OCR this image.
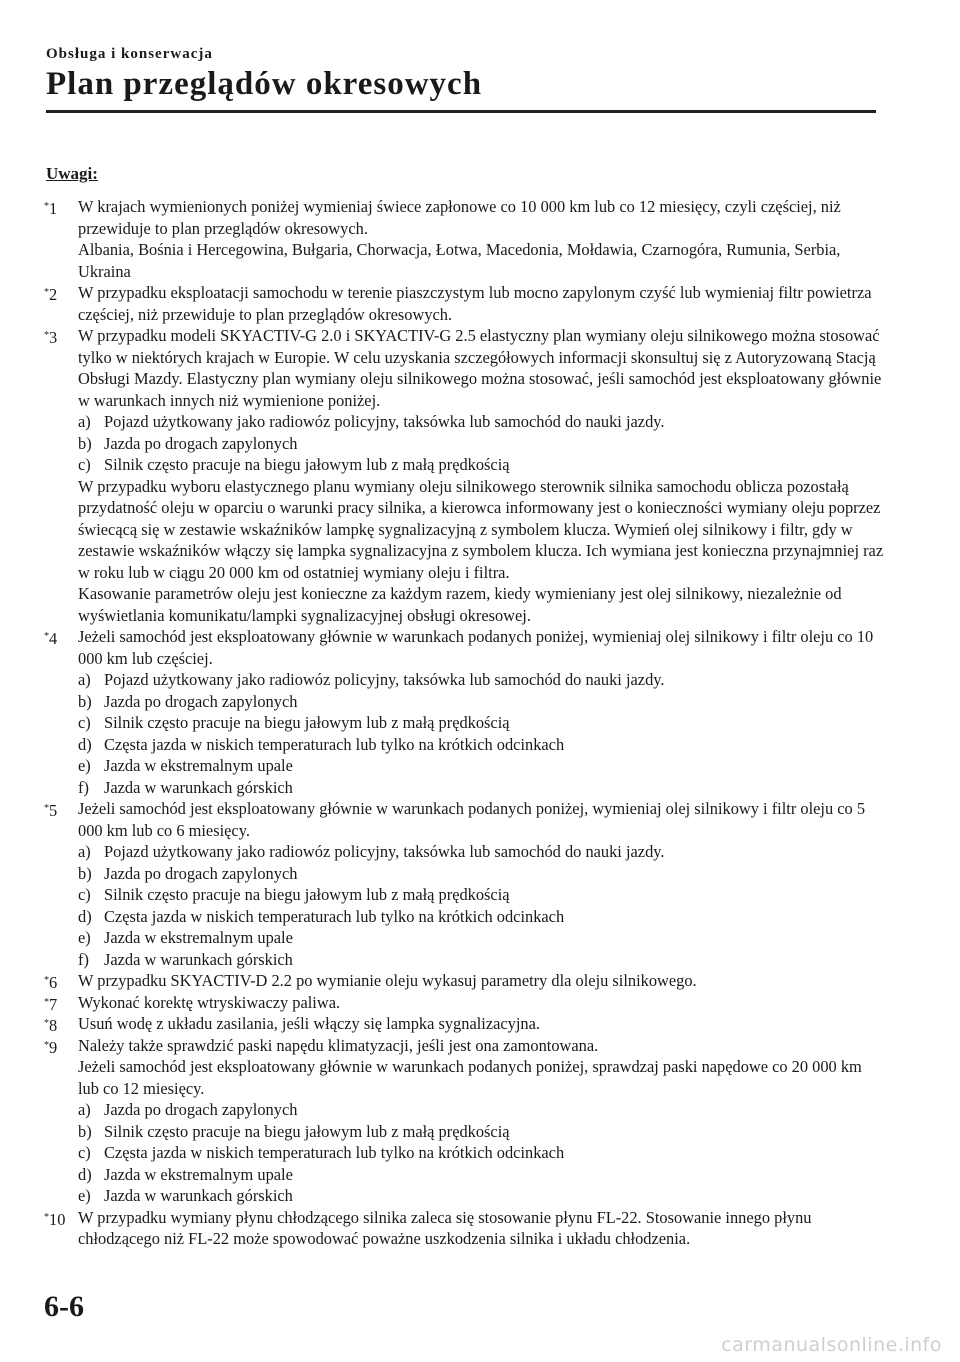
Obsługa i konserwacja
Plan przeglądów okresowych
Uwagi:
*1 W krajach wymienionych poniżej wymieniaj świece zapłonowe co 10 000 km lub co 12 miesięcy, czyli częściej, niż przewiduje to plan przeglądów okresowych.
Albania, Bośnia i Hercegowina, Bułgaria, Chorwacja, Łotwa, Macedonia, Mołdawia, Czarnogóra, Rumunia, Serbia, Ukraina
*2 W przypadku eksploatacji samochodu w terenie piaszczystym lub mocno zapylonym czyść lub wymieniaj filtr powietrza częściej, niż przewiduje to plan przeglądów okresowych.
*3 W przypadku modeli SKYACTIV-G 2.0 i SKYACTIV-G 2.5 elastyczny plan wymiany oleju silnikowego można stosować tylko w niektórych krajach w Europie. W celu uzyskania szczegółowych informacji skonsultuj się z Autoryzowaną Stacją Obsługi Mazdy. Elastyczny plan wymiany oleju silnikowego można stosować, jeśli samochód jest eksploatowany głównie w warunkach innych niż wymienione poniżej.
a) Pojazd użytkowany jako radiowóz policyjny, taksówka lub samochód do nauki jazdy.
b) Jazda po drogach zapylonych
c) Silnik często pracuje na biegu jałowym lub z małą prędkością
W przypadku wyboru elastycznego planu wymiany oleju silnikowego sterownik silnika samochodu oblicza pozostałą przydatność oleju w oparciu o warunki pracy silnika, a kierowca informowany jest o konieczności wymiany oleju poprzez świecącą się w zestawie wskaźników lampkę sygnalizacyjną z symbolem klucza. Wymień olej silnikowy i filtr, gdy w zestawie wskaźników włączy się lampka sygnalizacyjna z symbolem klucza. Ich wymiana jest konieczna przynajmniej raz w roku lub w ciągu 20 000 km od ostatniej wymiany oleju i filtra.
Kasowanie parametrów oleju jest konieczne za każdym razem, kiedy wymieniany jest olej silnikowy, niezależnie od wyświetlania komunikatu/lampki sygnalizacyjnej obsługi okresowej.
*4 Jeżeli samochód jest eksploatowany głównie w warunkach podanych poniżej, wymieniaj olej silnikowy i filtr oleju co 10 000 km lub częściej.
a) Pojazd użytkowany jako radiowóz policyjny, taksówka lub samochód do nauki jazdy.
b) Jazda po drogach zapylonych
c) Silnik często pracuje na biegu jałowym lub z małą prędkością
d) Częsta jazda w niskich temperaturach lub tylko na krótkich odcinkach
e) Jazda w ekstremalnym upale
f) Jazda w warunkach górskich
*5 Jeżeli samochód jest eksploatowany głównie w warunkach podanych poniżej, wymieniaj olej silnikowy i filtr oleju co 5 000 km lub co 6 miesięcy.
a) Pojazd użytkowany jako radiowóz policyjny, taksówka lub samochód do nauki jazdy.
b) Jazda po drogach zapylonych
c) Silnik często pracuje na biegu jałowym lub z małą prędkością
d) Częsta jazda w niskich temperaturach lub tylko na krótkich odcinkach
e) Jazda w ekstremalnym upale
f) Jazda w warunkach górskich
*6 W przypadku SKYACTIV-D 2.2 po wymianie oleju wykasuj parametry dla oleju silnikowego.
*7 Wykonać korektę wtryskiwaczy paliwa.
*8 Usuń wodę z układu zasilania, jeśli włączy się lampka sygnalizacyjna.
*9 Należy także sprawdzić paski napędu klimatyzacji, jeśli jest ona zamontowana.
Jeżeli samochód jest eksploatowany głównie w warunkach podanych poniżej, sprawdzaj paski napędowe co 20 000 km lub co 12 miesięcy.
a) Jazda po drogach zapylonych
b) Silnik często pracuje na biegu jałowym lub z małą prędkością
c) Częsta jazda w niskich temperaturach lub tylko na krótkich odcinkach
d) Jazda w ekstremalnym upale
e) Jazda w warunkach górskich
*10 W przypadku wymiany płynu chłodzącego silnika zaleca się stosowanie płynu FL-22. Stosowanie innego płynu chłodzącego niż FL-22 może spowodować poważne uszkodzenia silnika i układu chłodzenia.
6-6
carmanualsonline.info
